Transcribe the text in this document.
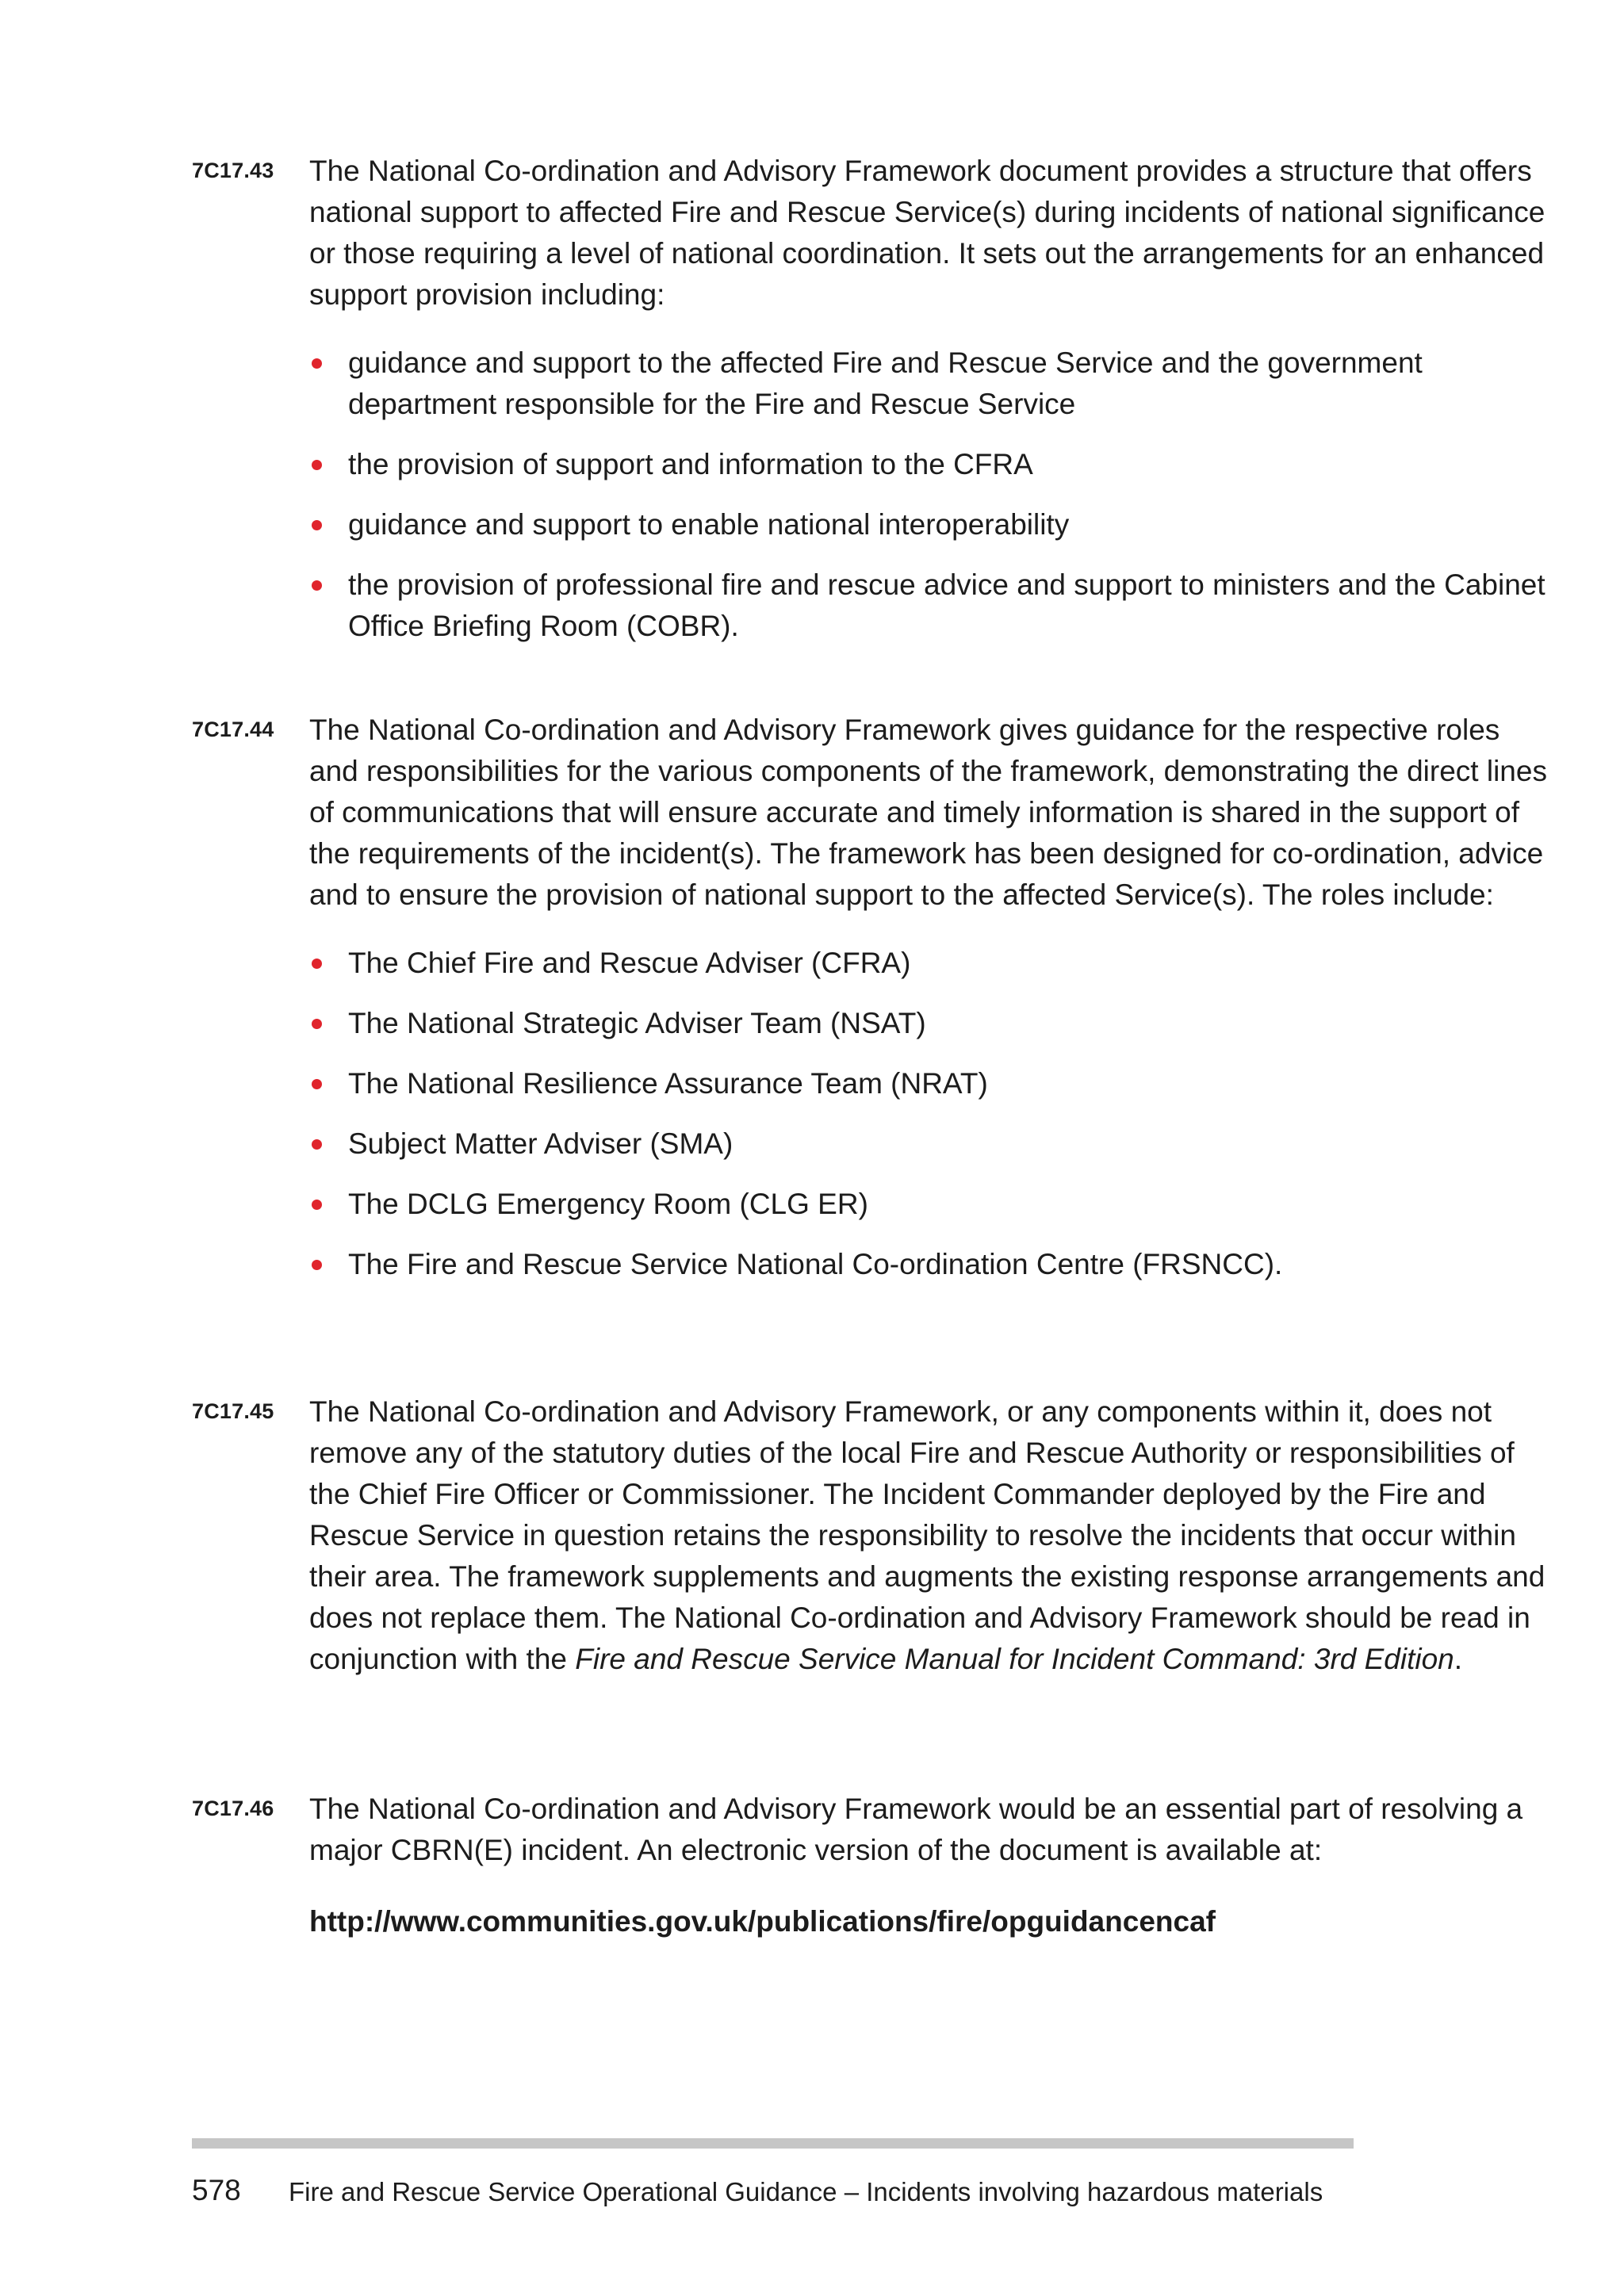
7C17.43 The National Co-ordination and Advisory Framework document provides a structure that offers national support to affected Fire and Rescue Service(s) during incidents of national significance or those requiring a level of national coordination. It sets out the arrangements for an enhanced support provision including:

guidance and support to the affected Fire and Rescue Service and the government department responsible for the Fire and Rescue Service
the provision of support and information to the CFRA
guidance and support to enable national interoperability
the provision of professional fire and rescue advice and support to ministers and the Cabinet Office Briefing Room (COBR).
7C17.44 The National Co-ordination and Advisory Framework gives guidance for the respective roles and responsibilities for the various components of the framework, demonstrating the direct lines of communications that will ensure accurate and timely information is shared in the support of the requirements of the incident(s). The framework has been designed for co-ordination, advice and to ensure the provision of national support to the affected Service(s). The roles include:

The Chief Fire and Rescue Adviser (CFRA)
The National Strategic Adviser Team (NSAT)
The National Resilience Assurance Team (NRAT)
Subject Matter Adviser (SMA)
The DCLG Emergency Room (CLG ER)
The Fire and Rescue Service National Co-ordination Centre (FRSNCC).
7C17.45 The National Co-ordination and Advisory Framework, or any components within it, does not remove any of the statutory duties of the local Fire and Rescue Authority or responsibilities of the Chief Fire Officer or Commissioner. The Incident Commander deployed by the Fire and Rescue Service in question retains the responsibility to resolve the incidents that occur within their area. The framework supplements and augments the existing response arrangements and does not replace them. The National Co-ordination and Advisory Framework should be read in conjunction with the Fire and Rescue Service Manual for Incident Command: 3rd Edition.

7C17.46 The National Co-ordination and Advisory Framework would be an essential part of resolving a major CBRN(E) incident. An electronic version of the document is available at:

http://www.communities.gov.uk/publications/fire/opguidancencaf
578 Fire and Rescue Service Operational Guidance – Incidents involving hazardous materials
